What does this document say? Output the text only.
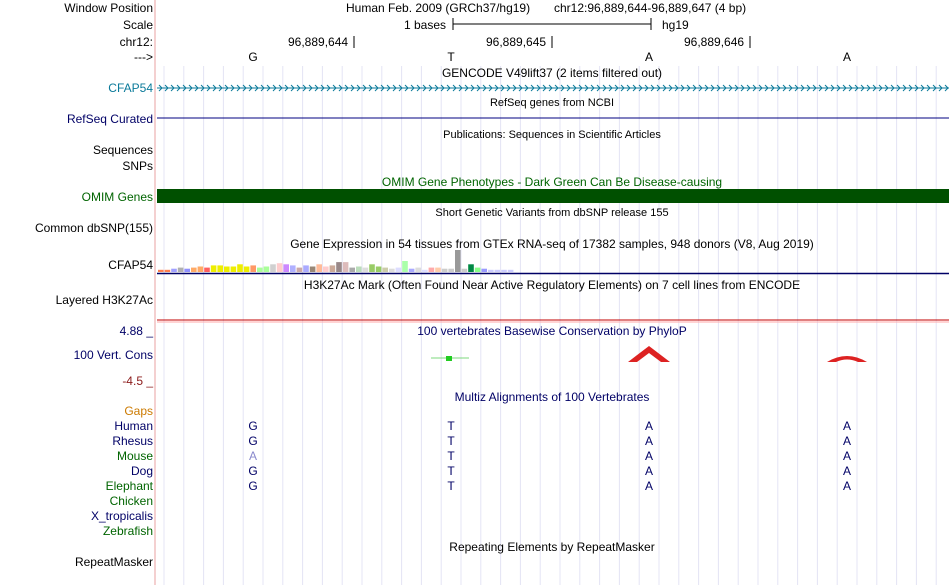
Window Position	Human Feb. 2009 (GRCh37/hg19) chr12:96,889,644-96,889,647 (4 bp)
Scale	1 bases	hg19
chr12:	96,889,644	96,889,645	96,889,646
--->	G	T	A	A
GENCODE V49lift37 (2 items filtered out)
CFAP54
RefSeq genes from NCBI
RefSeq Curated
Publications: Sequences in Scientific Articles
Sequences
SNPs
OMIM Gene Phenotypes - Dark Green Can Be Disease-causing
OMIM Genes
Short Genetic Variants from dbSNP release 155
Common dbSNP(155)
Gene Expression in 54 tissues from GTEx RNA-seq of 17382 samples, 948 donors (V8, Aug 2019)
CFAP54
H3K27Ac Mark (Often Found Near Active Regulatory Elements) on 7 cell lines from ENCODE
Layered H3K27Ac
4.88 _	100 vertebrates Basewise Conservation by PhyloP
100 Vert. Cons
-4.5 _
Multiz Alignments of 100 Vertebrates
Gaps
Human	G	T	A	A
Rhesus	G	T	A	A
Mouse	A	T	A	A
Dog	G	T	A	A
Elephant	G	T	A	A
Chicken
X_tropicalis
Zebrafish
Repeating Elements by RepeatMasker
RepeatMasker
